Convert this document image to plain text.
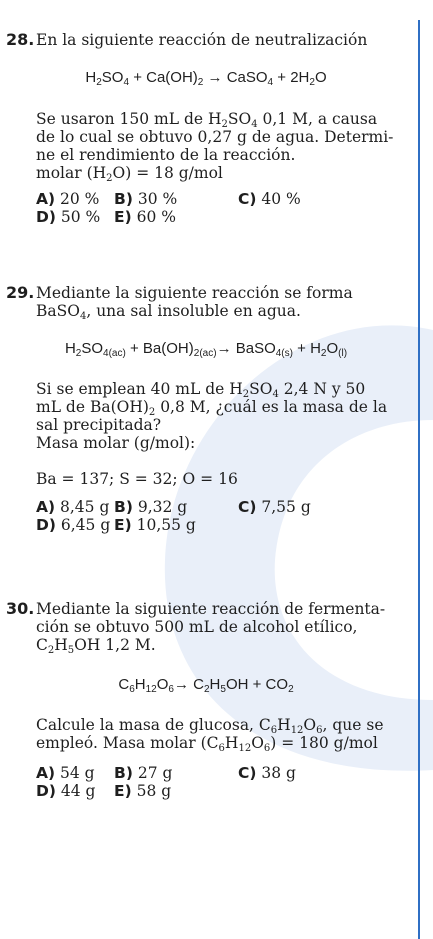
28. En la siguiente reacción de neutralización
$H_2SO_4 + Ca(OH)_2$ → CaSO$_4$ + $2H_2O$
Se usaron 150 mL de $H_2SO_4$ 0,1 M, a causa
de lo cual se obtuvo 0,27 g de agua. Determi-
ne el rendimiento de la reacción.
molar $(H_2O) = 18$ g/mol
A) 20 % B) 30 %	C) 40 %
D) 50 % E) 60 %
29. Mediante la siguiente reacción se forma
BaSO$_4$, una sal insoluble en agua.
$H_2SO_{4(ac)} + Ba(OH)_{2(ac)}\to$ BaSO$_{4(s)}$ + $H_2O_{(l)}$
Si se emplean 40 mL de $H_2SO_4$ 2,4 N y 50
mL de $Ba(OH)_2$ 0,8 M, ¿cuál es la masa de la
sal precipitada?
Masa molar (g/mol):
Ba = 137; S = 32; O = 16
A) 8,45 g B) 9,32 g	C) 7,55 g
D) 6,45 g E) 10,55 g
30. Mediante la siguiente reacción de fermenta-
ción se obtuvo 500 mL de alcohol etílico,
$C_2H_5OH$ 1,2 M.
$C_6H_{12}O_6\to C_2H_5OH + CO_2$
Calcule la masa de glucosa, $C_6H_{12}O_6$, que se
empleó. Masa molar $(C_6H_{12}O_6) = 180$ g/mol
A) 54 g	B) 27 g	C) 38 g
D) 44 g	E) 58 g
